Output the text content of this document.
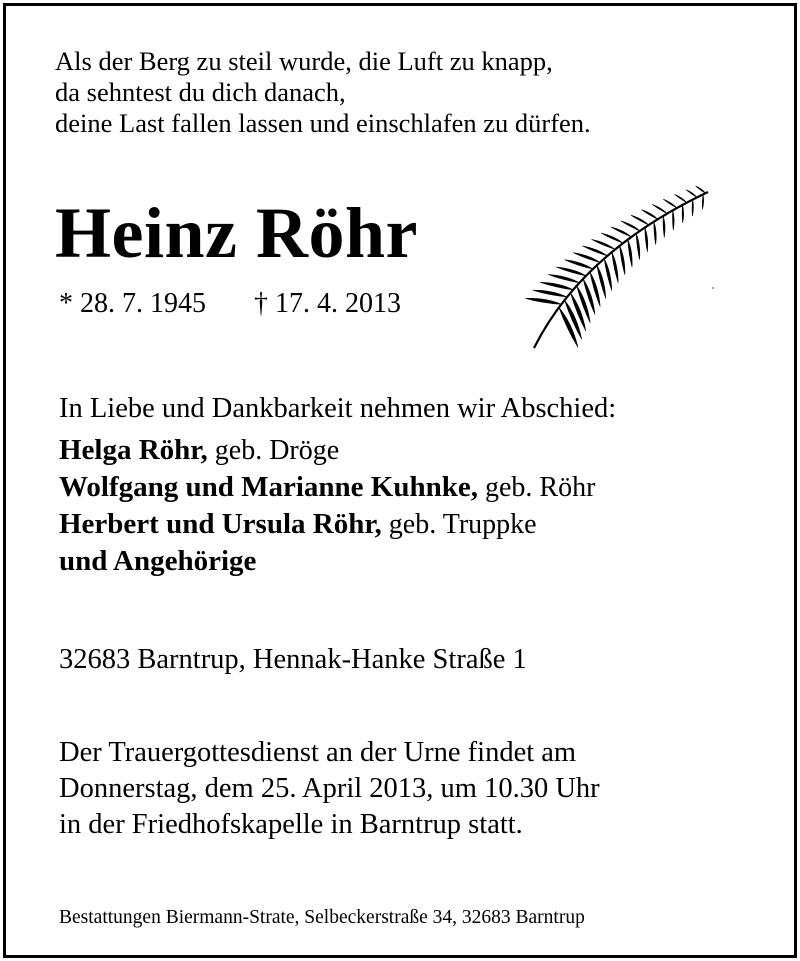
Als der Berg zu steil wurde, die Luft zu knapp,
da sehntest du dich danach,
deine Last fallen lassen und einschlafen zu dürfen.
Heinz Röhr
* 28. 7. 1945 † 17. 4. 2013
In Liebe und Dankbarkeit nehmen wir Abschied:
Helga Röhr, geb. Dröge
Wolfgang und Marianne Kuhnke, geb. Röhr
Herbert und Ursula Röhr, geb. Truppke
und Angehörige
32683 Barntrup, Hennak-Hanke Straße 1
Der Trauergottesdienst an der Urne findet am
Donnerstag, dem 25. April 2013, um 10.30 Uhr
in der Friedhofskapelle in Barntrup statt.
Bestattungen Biermann-Strate, Selbeckerstraße 34, 32683 Barntrup
